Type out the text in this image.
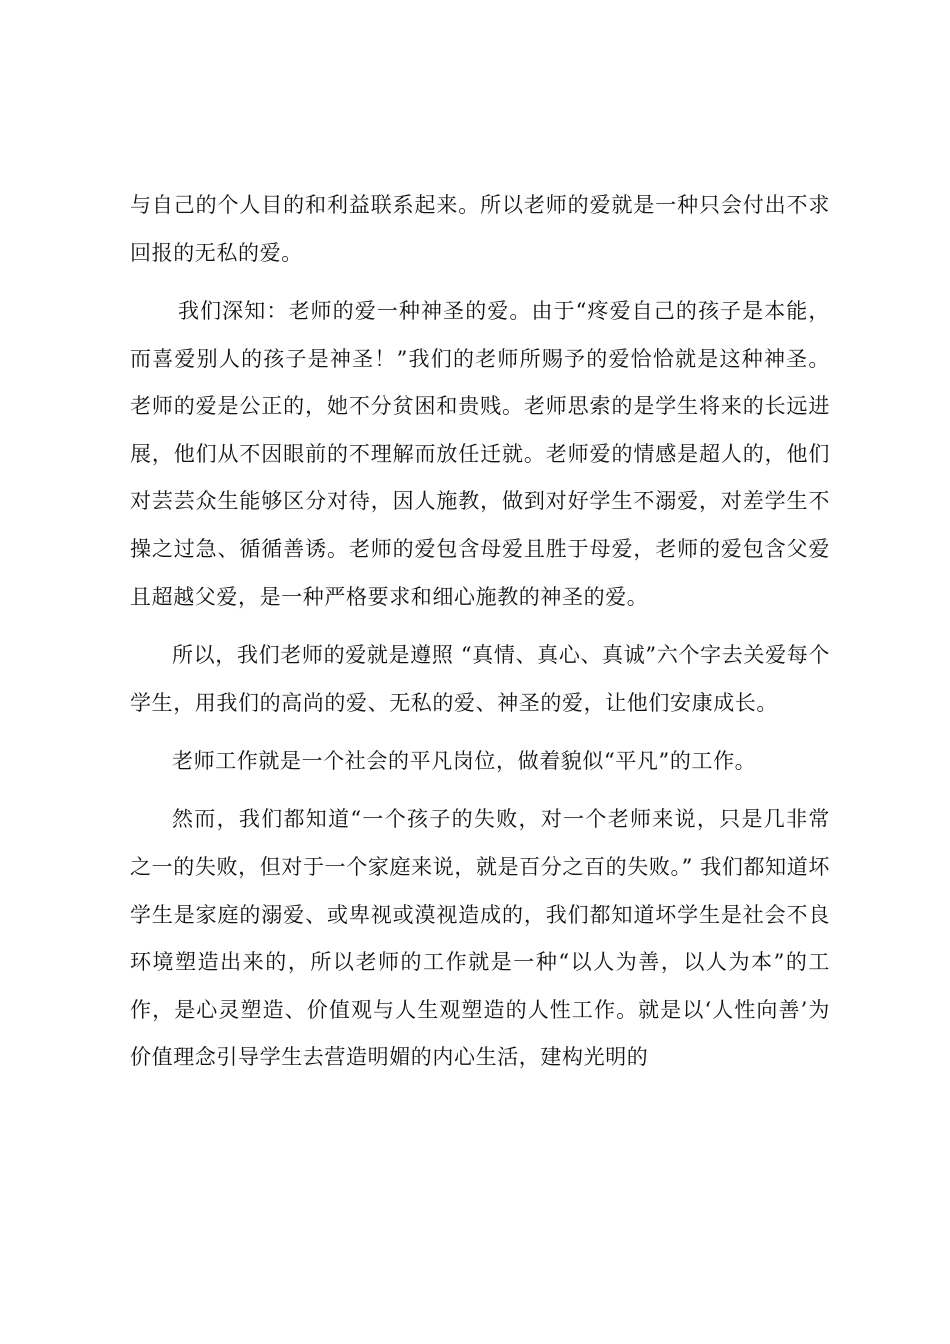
与自己的个人目的和利益联系起来。所以老师的爱就是一种只会付出不求回报的无私的爱。

我们深知：老师的爱一种神圣的爱。由于“疼爱自己的孩子是本能，而喜爱别人的孩子是神圣！”我们的老师所赐予的爱恰恰就是这种神圣。老师的爱是公正的，她不分贫困和贵贱。老师思索的是学生将来的长远进展，他们从不因眼前的不理解而放任迁就。老师爱的情感是超人的，他们对芸芸众生能够区分对待，因人施教，做到对好学生不溺爱，对差学生不操之过急、循循善诱。老师的爱包含母爱且胜于母爱，老师的爱包含父爱且超越父爱，是一种严格要求和细心施教的神圣的爱。

所以，我们老师的爱就是遵照 “真情、真心、真诚”六个字去关爱每个学生，用我们的高尚的爱、无私的爱、神圣的爱，让他们安康成长。

老师工作就是一个社会的平凡岗位，做着貌似“平凡”的工作。

然而，我们都知道“一个孩子的失败，对一个老师来说，只是几非常之一的失败，但对于一个家庭来说，就是百分之百的失败。” 我们都知道坏学生是家庭的溺爱、或卑视或漠视造成的，我们都知道坏学生是社会不良环境塑造出来的，所以老师的工作就是一种“以人为善，以人为本”的工作，是心灵塑造、价值观与人生观塑造的人性工作。就是以‘人性向善’为价值理念引导学生去营造明媚的内心生活，建构光明的
